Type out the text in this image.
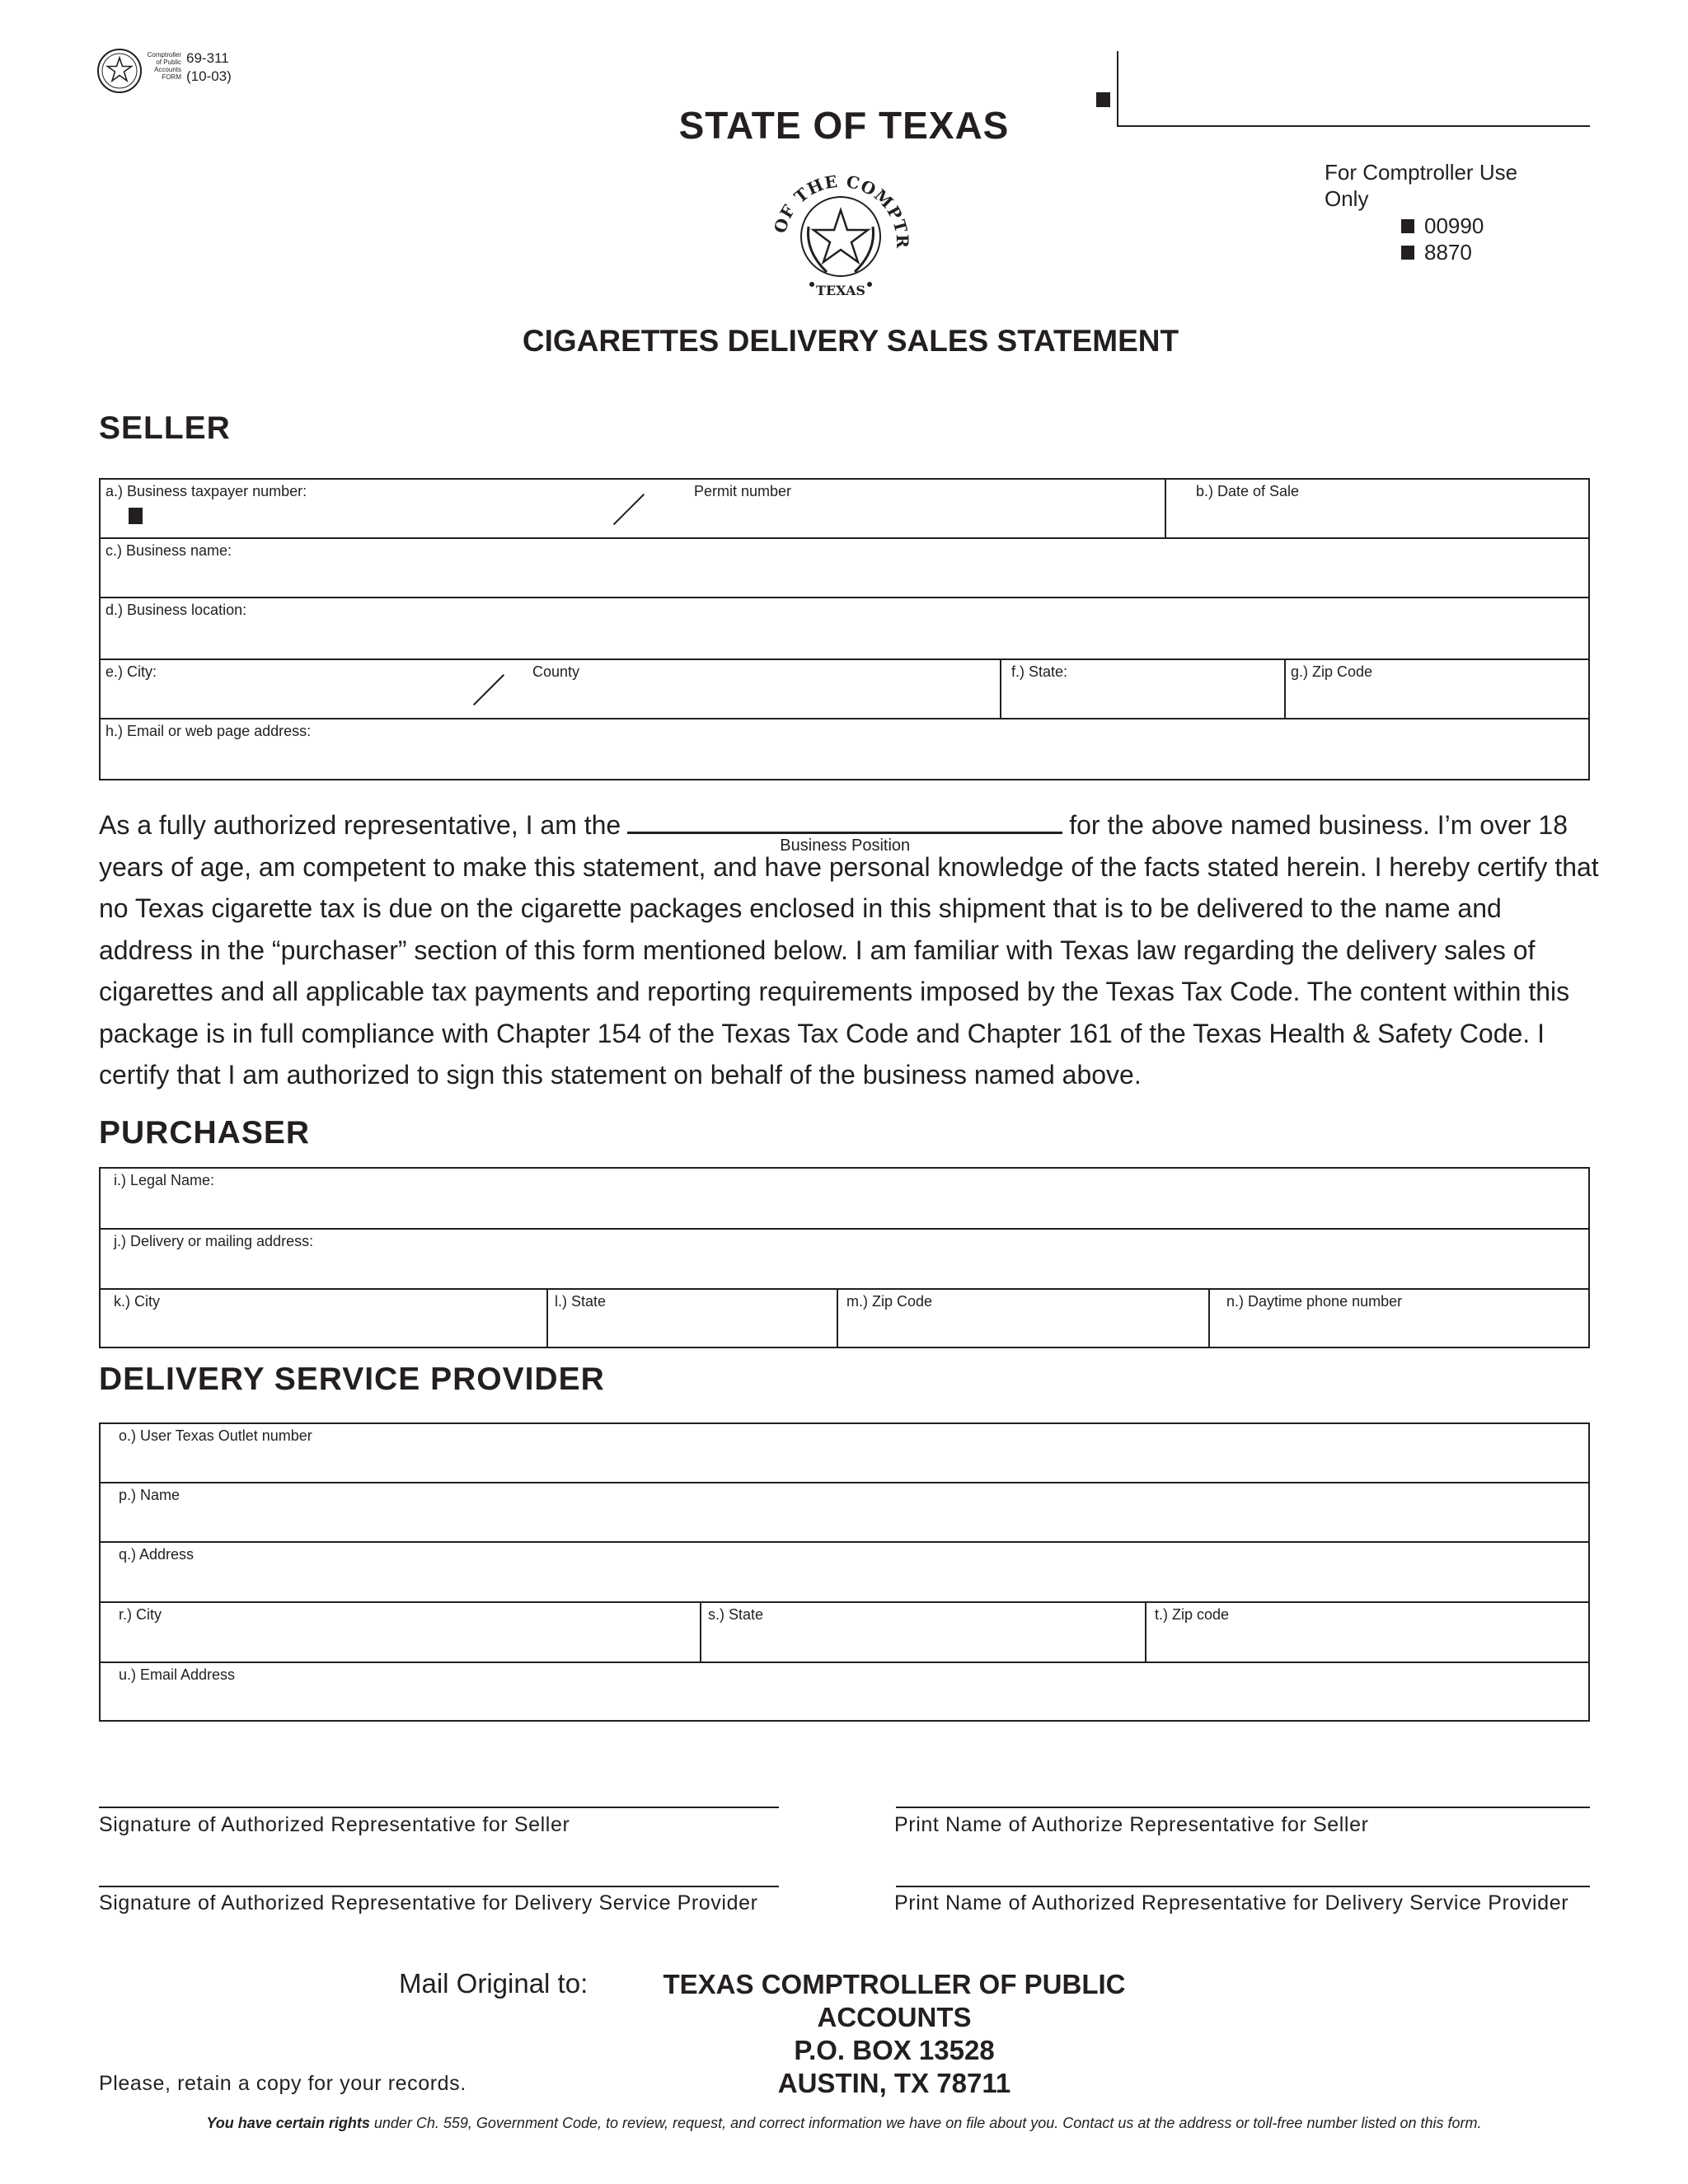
Comptroller
of Public
Accounts
FORM
69-311
(10-03)
STATE OF TEXAS
OF THE COMPTR
TEXAS
CIGARETTES DELIVERY SALES STATEMENT
For Comptroller Use Only
00990
8870
SELLER
a.) Business taxpayer number:	Permit number	b.) Date of Sale
c.) Business name:
d.) Business location:
e.) City:	County	f.) State:	g.) Zip Code
h.) Email or web page address:
As a fully authorized representative, I am the
Business Position
for the above named business. I’m over 18 years of age, am competent to make this statement, and have personal knowledge of the facts stated herein. I hereby certify that no Texas cigarette tax is due on the cigarette packages enclosed in this shipment that is to be delivered to the name and address in the “purchaser” section of this form mentioned below. I am familiar with Texas law regarding the delivery sales of cigarettes and all applicable tax payments and reporting requirements imposed by the Texas Tax Code. The content within this package is in full compliance with Chapter 154 of the Texas Tax Code and Chapter 161 of the Texas Health & Safety Code. I certify that I am authorized to sign this statement on behalf of the business named above.
PURCHASER
i.) Legal Name:
j.) Delivery or mailing address:
k.) City	l.) State	m.) Zip Code	n.) Daytime phone number
DELIVERY SERVICE PROVIDER
o.) User Texas Outlet number
p.) Name
q.) Address
r.) City	s.) State	t.) Zip code
u.) Email Address
Signature of Authorized Representative for Seller	Print Name of Authorize Representative for Seller
Signature of Authorized Representative for Delivery Service Provider	Print Name of Authorized Representative for Delivery Service Provider
Mail Original to:	TEXAS COMPTROLLER OF PUBLIC ACCOUNTS
P.O. BOX 13528
AUSTIN, TX 78711
Please, retain a copy for your records.
You have certain rights under Ch. 559, Government Code, to review, request, and correct information we have on file about you. Contact us at the address or toll-free number listed on this form.
